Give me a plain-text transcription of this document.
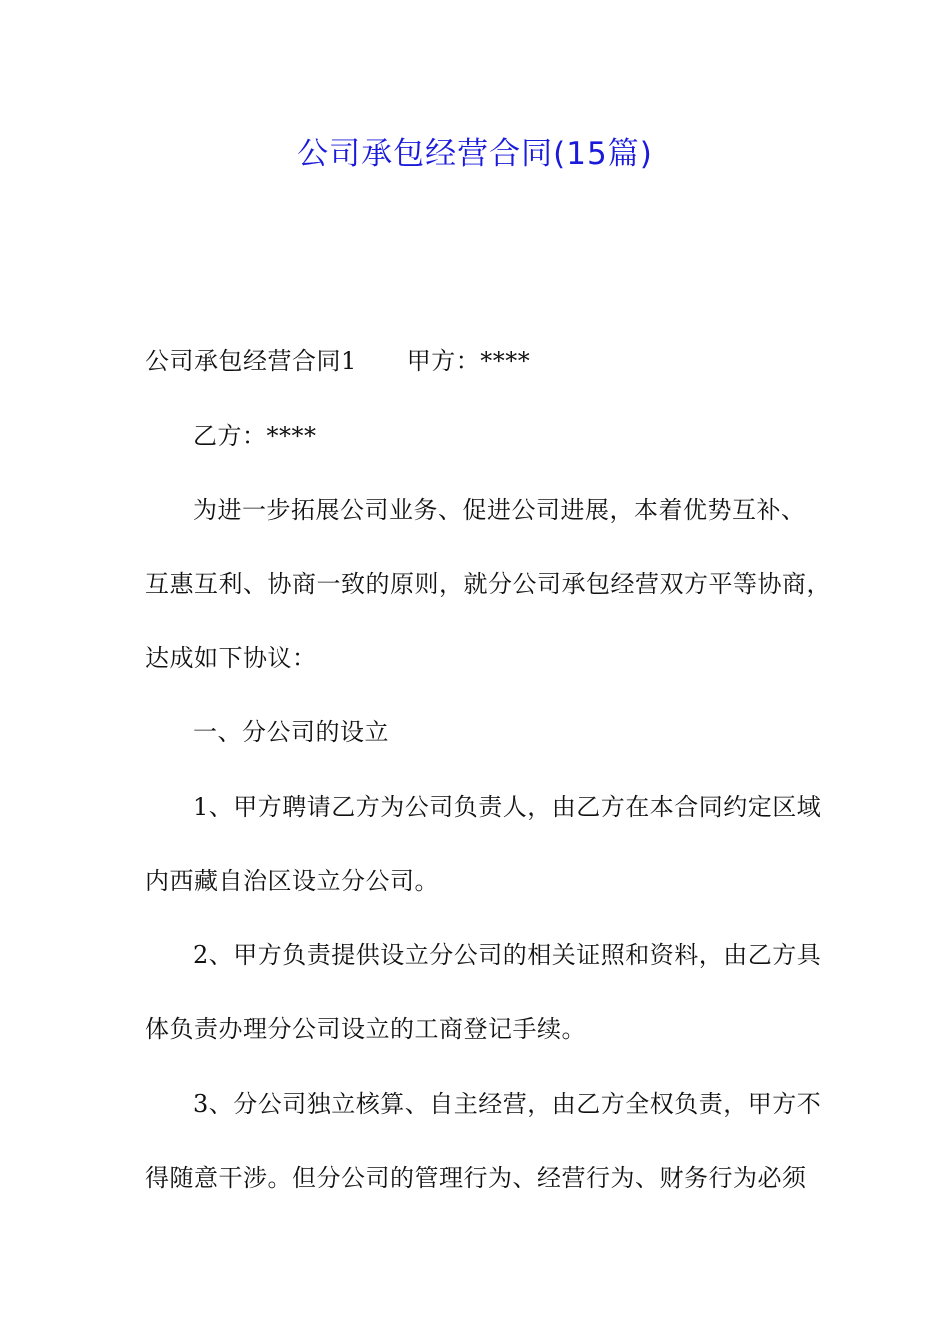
公司承包经营合同(15篇)
公司承包经营合同1 甲方：****
乙方：****
为进一步拓展公司业务、促进公司进展，本着优势互补、
互惠互利、协商一致的原则，就分公司承包经营双方平等协商，
达成如下协议：
一、分公司的设立
1、甲方聘请乙方为公司负责人，由乙方在本合同约定区域
内西藏自治区设立分公司。
2、甲方负责提供设立分公司的相关证照和资料，由乙方具
体负责办理分公司设立的工商登记手续。
3、分公司独立核算、自主经营，由乙方全权负责，甲方不
得随意干涉。但分公司的管理行为、经营行为、财务行为必须
